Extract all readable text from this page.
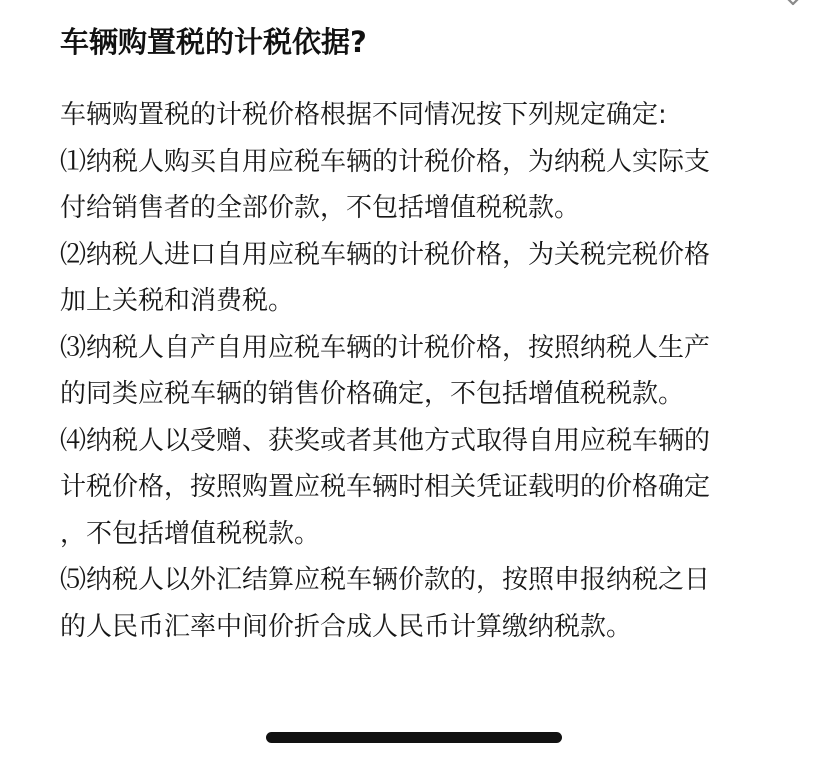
车辆购置税的计税依据?

车辆购置税的计税价格根据不同情况按下列规定确定:

⑴纳税人购买自用应税车辆的计税价格，为纳税人实际支
付给销售者的全部价款，不包括增值税税款。

⑵纳税人进口自用应税车辆的计税价格，为关税完税价格
加上关税和消费税。

⑶纳税人自产自用应税车辆的计税价格，按照纳税人生产
的同类应税车辆的销售价格确定，不包括增值税税款。

⑷纳税人以受赠、获奖或者其他方式取得自用应税车辆的
计税价格，按照购置应税车辆时相关凭证载明的价格确定
，不包括增值税税款。

⑸纳税人以外汇结算应税车辆价款的，按照申报纳税之日
的人民币汇率中间价折合成人民币计算缴纳税款。
